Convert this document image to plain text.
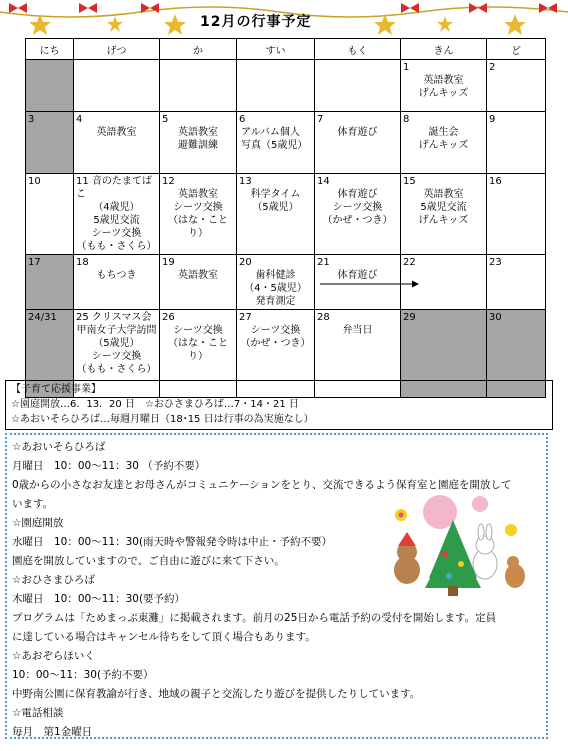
12月の行事予定
にち	げつ	か	すい	もく	きん	ど

					1
英語教室
げんキッズ	2

3	4
英語教室	5
英語教室
避難訓練	6
アルバム個人
写真（5歳児）	7
体育遊び	8
誕生会
げんキッズ	9

10	11 音のたまてばこ
（4歳児）
5歳児交流
シーツ交換
（もも・さくら）	12
英語教室
シーツ交換
（はな・ことり）	13
科学タイム
（5歳児）	14
体育遊び
シーツ交換
（かぜ・つき）	15
英語教室
5歳児交流
げんキッズ	16

17	18
もちつき	19
英語教室	20
歯科健診
（4・5歳児）
発育測定	21
体育遊び	22	23

24/31	25 クリスマス会
甲南女子大学訪問
（5歳児）
シーツ交換
（もも・さくら）	26
シーツ交換
（はな・ことり）	27
シーツ交換
（かぜ・つき）	28
弁当日	29	30
【子育て応援事業】
☆園庭開放…6．13．20 日　☆おひさまひろば…7・14・21 日
☆あおいそらひろば…毎週月曜日（18･15 日は行事の為実施なし）

☆あおいそらひろば

月曜日　10：00～11：30 （予約不要）

0歳からの小さなお友達とお母さんがコミュニケーションをとり、交流できるよう保育室と園庭を開放して

います。

☆園庭開放

水曜日　10：00～11：30(雨天時や警報発令時は中止・予約不要）

園庭を開放していますので、ご自由に遊びに来て下さい。

☆おひさまひろば

木曜日　10：00～11：30(要予約）

プログラムは「ためまっぷ東灘」に掲載されます。前月の25日から電話予約の受付を開始します。定員

に達している場合はキャンセル待ちをして頂く場合もあります。

☆あおぞらほいく

10：00～11：30(予約不要）

中野南公園に保育教諭が行き、地域の親子と交流したり遊びを提供したりしています。

☆電話相談

毎月　第1金曜日
